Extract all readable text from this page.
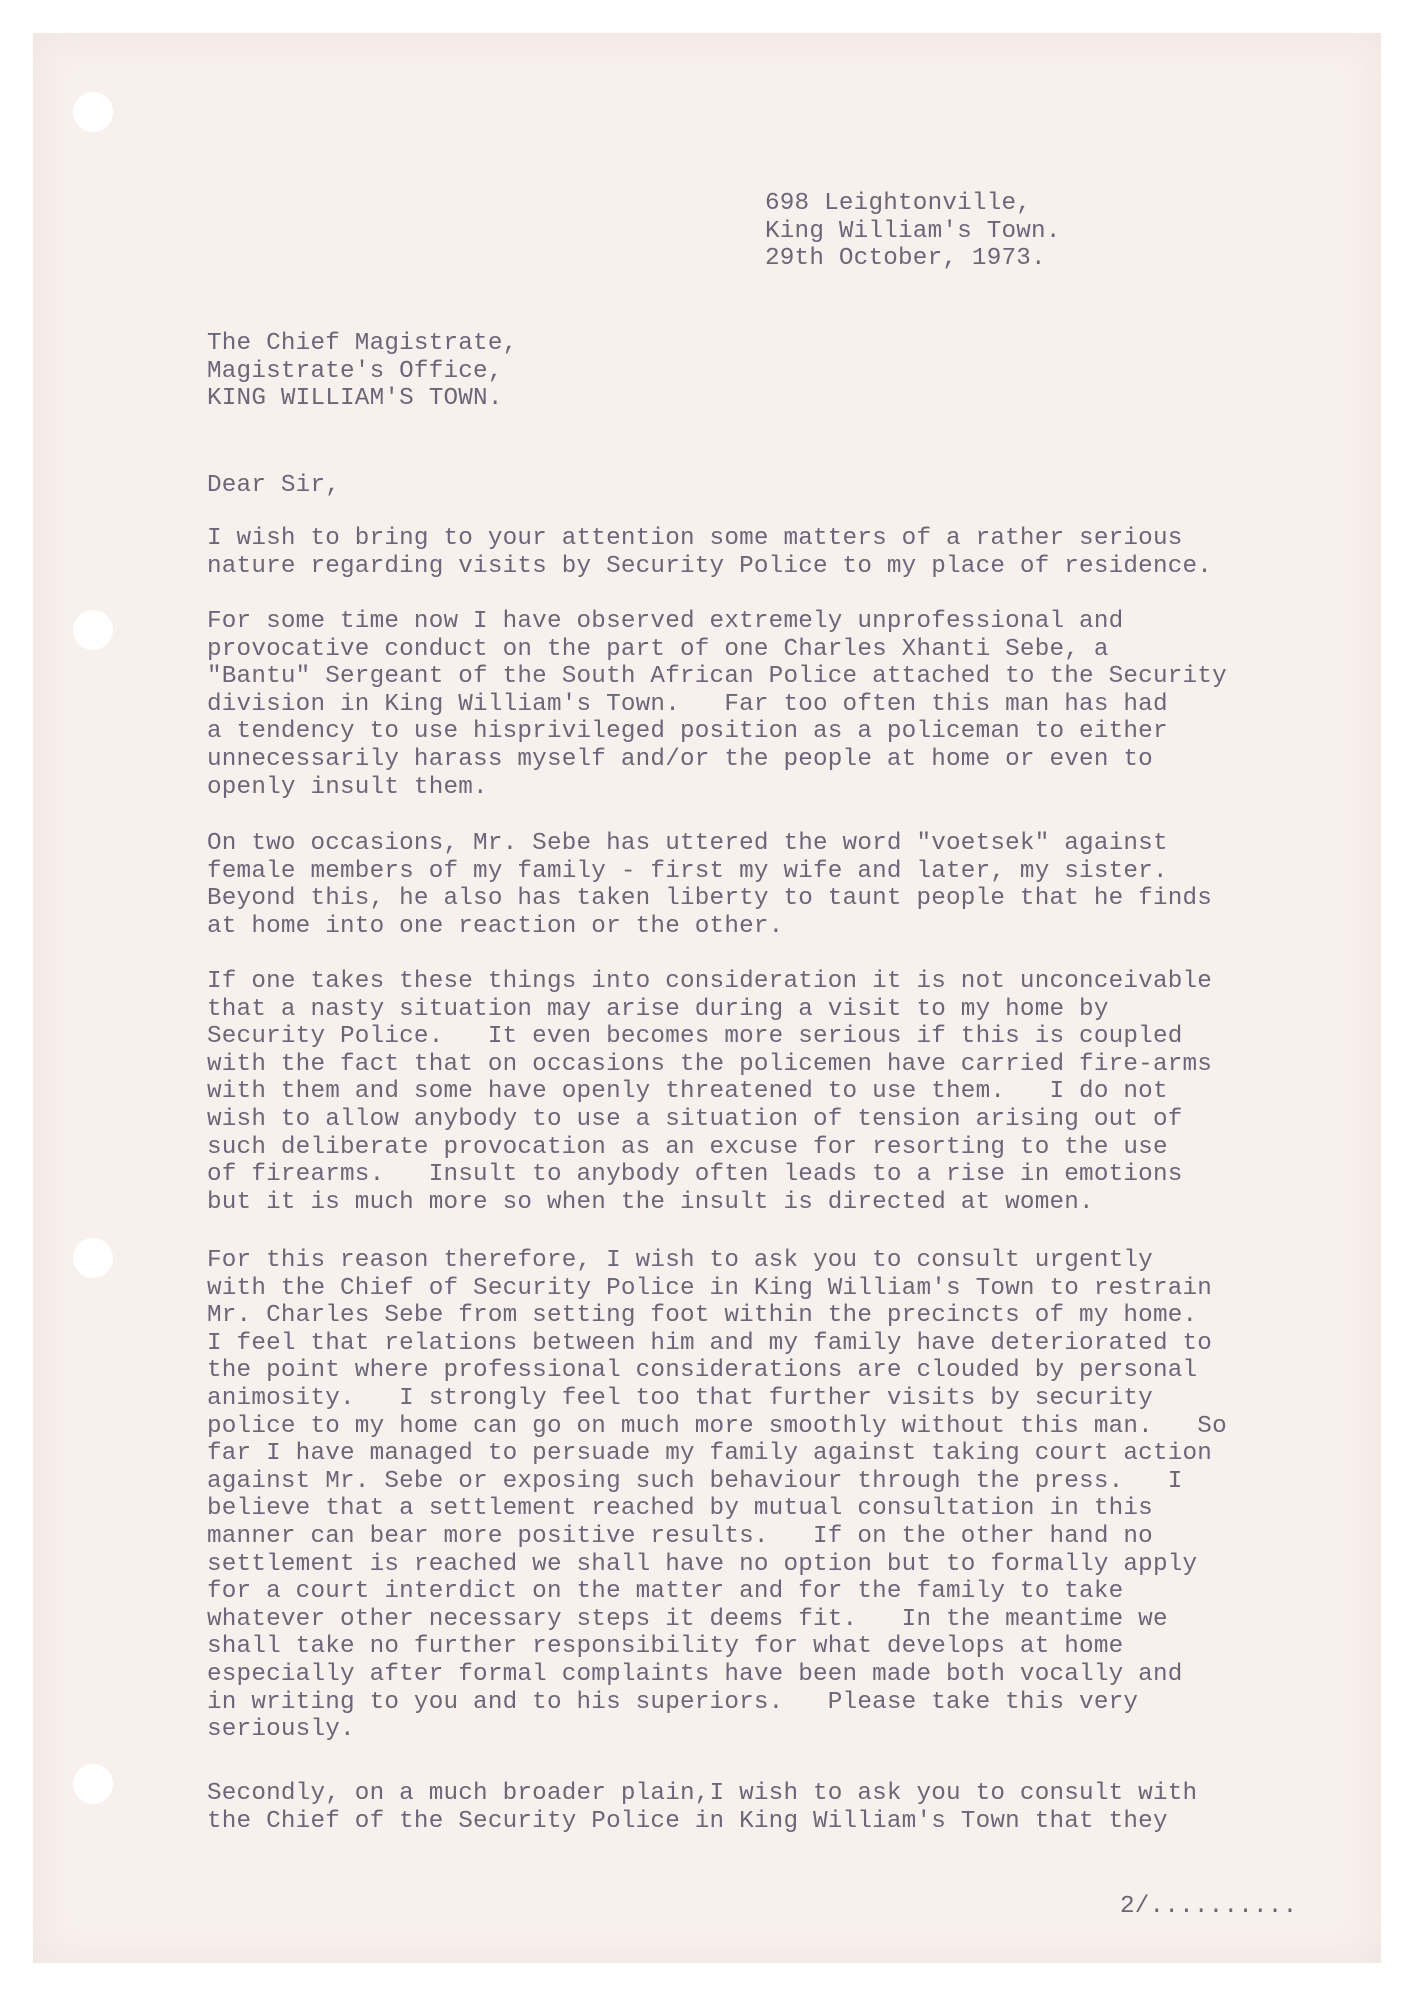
698 Leightonville,
King William's Town.
29th October, 1973.
The Chief Magistrate,
Magistrate's Office,
KING WILLIAM'S TOWN.
Dear Sir,
I wish to bring to your attention some matters of a rather serious
nature regarding visits by Security Police to my place of residence.
For some time now I have observed extremely unprofessional and
provocative conduct on the part of one Charles Xhanti Sebe, a
"Bantu" Sergeant of the South African Police attached to the Security
division in King William's Town.   Far too often this man has had
a tendency to use hisprivileged position as a policeman to either
unnecessarily harass myself and/or the people at home or even to
openly insult them.
On two occasions, Mr. Sebe has uttered the word "voetsek" against
female members of my family - first my wife and later, my sister.
Beyond this, he also has taken liberty to taunt people that he finds
at home into one reaction or the other.
If one takes these things into consideration it is not unconceivable
that a nasty situation may arise during a visit to my home by
Security Police.   It even becomes more serious if this is coupled
with the fact that on occasions the policemen have carried fire-arms
with them and some have openly threatened to use them.   I do not
wish to allow anybody to use a situation of tension arising out of
such deliberate provocation as an excuse for resorting to the use
of firearms.   Insult to anybody often leads to a rise in emotions
but it is much more so when the insult is directed at women.
For this reason therefore, I wish to ask you to consult urgently
with the Chief of Security Police in King William's Town to restrain
Mr. Charles Sebe from setting foot within the precincts of my home.
I feel that relations between him and my family have deteriorated to
the point where professional considerations are clouded by personal
animosity.   I strongly feel too that further visits by security
police to my home can go on much more smoothly without this man.   So
far I have managed to persuade my family against taking court action
against Mr. Sebe or exposing such behaviour through the press.   I
believe that a settlement reached by mutual consultation in this
manner can bear more positive results.   If on the other hand no
settlement is reached we shall have no option but to formally apply
for a court interdict on the matter and for the family to take
whatever other necessary steps it deems fit.   In the meantime we
shall take no further responsibility for what develops at home
especially after formal complaints have been made both vocally and
in writing to you and to his superiors.   Please take this very
seriously.
Secondly, on a much broader plain,I wish to ask you to consult with
the Chief of the Security Police in King William's Town that they
2/..........
